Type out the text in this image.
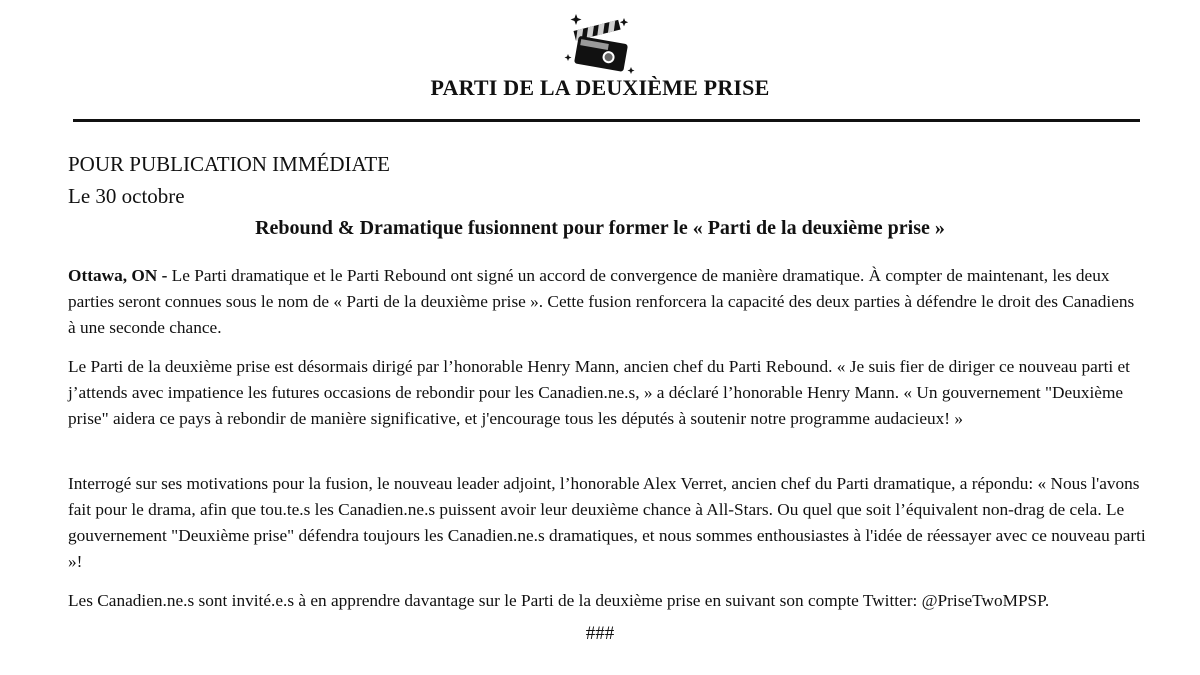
PARTI DE LA DEUXIÈME PRISE
POUR PUBLICATION IMMÉDIATE
Le 30 octobre
Rebound & Dramatique fusionnent pour former le « Parti de la deuxième prise »

Ottawa, ON - Le Parti dramatique et le Parti Rebound ont signé un accord de convergence de manière dramatique. À compter de maintenant, les deux parties seront connues sous le nom de « Parti de la deuxième prise ». Cette fusion renforcera la capacité des deux parties à défendre le droit des Canadiens à une seconde chance.

Le Parti de la deuxième prise est désormais dirigé par l’honorable Henry Mann, ancien chef du Parti Rebound. « Je suis fier de diriger ce nouveau parti et j’attends avec impatience les futures occasions de rebondir pour les Canadien.ne.s, » a déclaré l’honorable Henry Mann. « Un gouvernement "Deuxième prise" aidera ce pays à rebondir de manière significative, et j'encourage tous les députés à soutenir notre programme audacieux! »

Interrogé sur ses motivations pour la fusion, le nouveau leader adjoint, l’honorable Alex Verret, ancien chef du Parti dramatique, a répondu: « Nous l'avons fait pour le drama, afin que tou.te.s les Canadien.ne.s puissent avoir leur deuxième chance à All-Stars. Ou quel que soit l’équivalent non-drag de cela. Le gouvernement "Deuxième prise" défendra toujours les Canadien.ne.s dramatiques, et nous sommes enthousiastes à l'idée de réessayer avec ce nouveau parti »!

Les Canadien.ne.s sont invité.e.s à en apprendre davantage sur le Parti de la deuxième prise en suivant son compte Twitter: @PriseTwoMPSP.

###
